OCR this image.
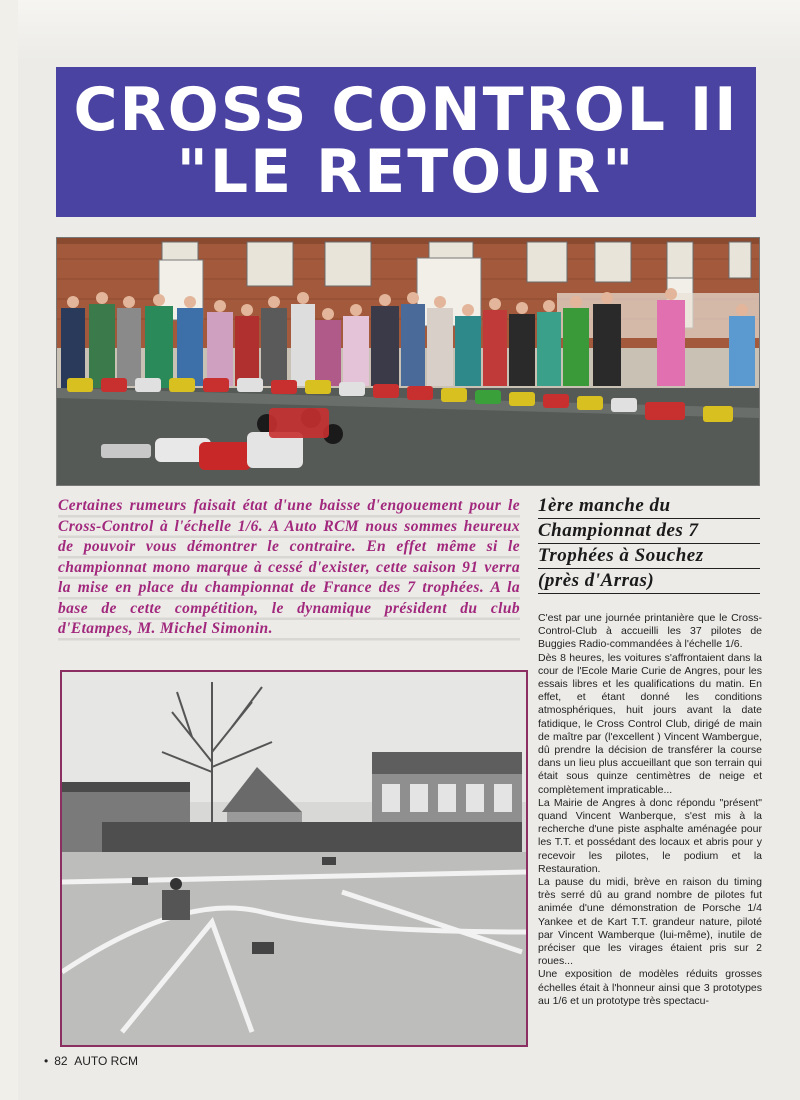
CROSS CONTROL II
"LE RETOUR"
Certaines rumeurs faisait état d'une baisse d'engouement pour le Cross-Control à l'échelle 1/6. A Auto RCM nous sommes heureux de pouvoir vous démontrer le contraire. En effet même si le championnat mono marque à cessé d'exister, cette saison 91 verra la mise en place du championnat de France des 7 trophées. A la base de cette compétition, le dynamique président du club d'Etampes, M. Michel Simonin.
1ère manche du
Championnat des 7
Trophées à Souchez
(près d'Arras)

C'est par une journée printanière que le Cross-Control-Club à accueilli les 37 pilotes de Buggies Radio-commandées à l'échelle 1/6.

Dès 8 heures, les voitures s'affrontaient dans la cour de l'Ecole Marie Curie de Angres, pour les essais libres et les qualifications du matin. En effet, et étant donné les conditions atmosphériques, huit jours avant la date fatidique, le Cross Control Club, dirigé de main de maître par (l'excellent ) Vincent Wambergue, dû prendre la décision de transférer la course dans un lieu plus accueillant que son terrain qui était sous quinze centimètres de neige et complètement impraticable...

La Mairie de Angres à donc répondu "présent" quand Vincent Wanberque, s'est mis à la recherche d'une piste asphalte aménagée pour les T.T. et possédant des locaux et abris pour y recevoir les pilotes, le podium et la Restauration.

La pause du midi, brève en raison du timing très serré dû au grand nombre de pilotes fut animée d'une démonstration de Porsche 1/4 Yankee et de Kart T.T. grandeur nature, piloté par Vincent Wamberque (lui-même), inutile de préciser que les virages étaient pris sur 2 roues...

Une exposition de modèles réduits grosses échelles était à l'honneur ainsi que 3 prototypes au 1/6 et un prototype très spectacu-

• 82 AUTO RCM
